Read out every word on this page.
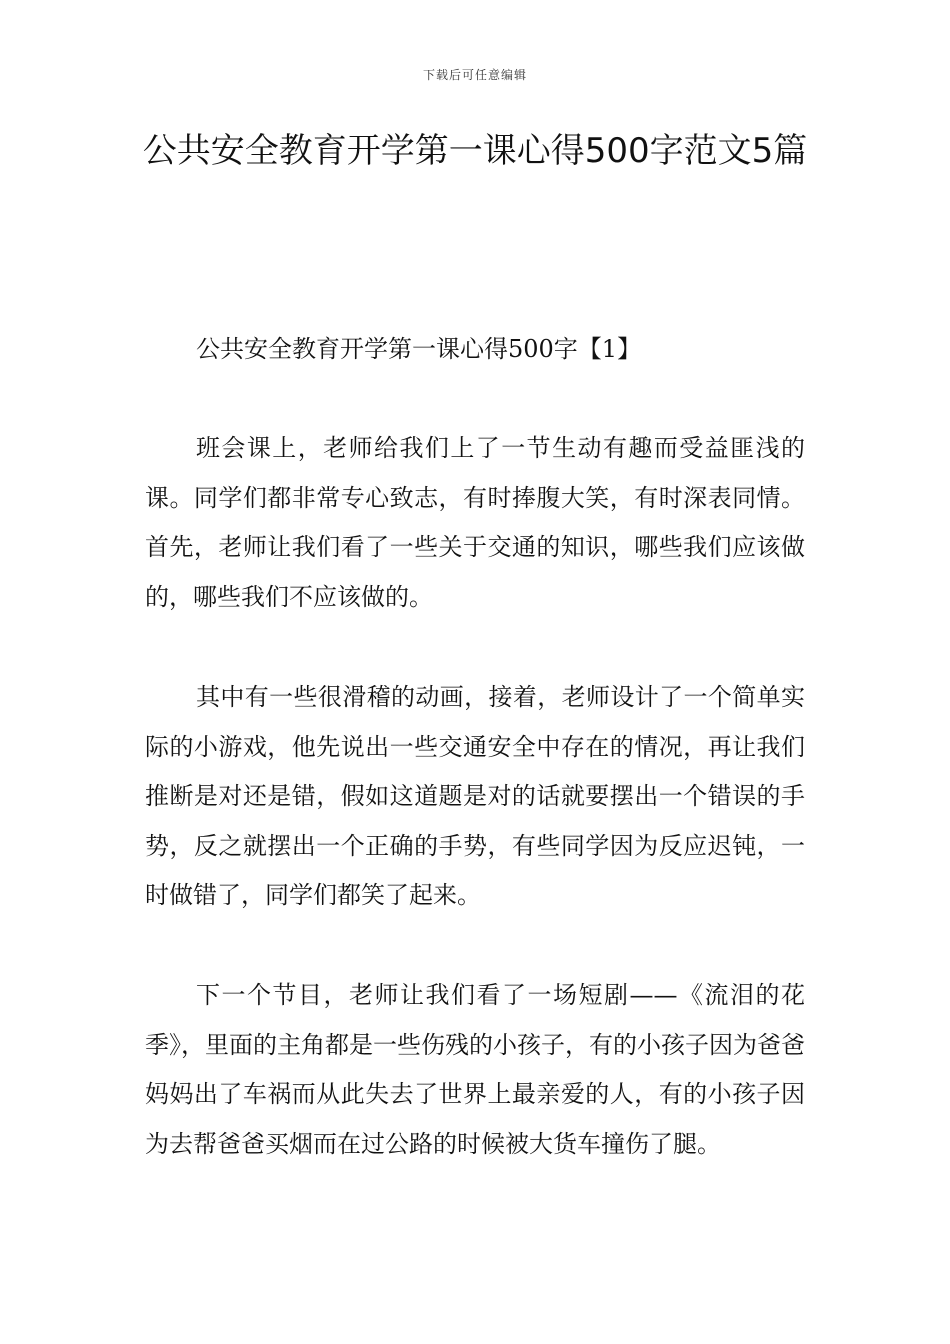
下载后可任意编辑
公共安全教育开学第一课心得500字范文5篇
公共安全教育开学第一课心得500字【1】

班会课上，老师给我们上了一节生动有趣而受益匪浅的课。同学们都非常专心致志，有时捧腹大笑，有时深表同情。首先，老师让我们看了一些关于交通的知识，哪些我们应该做的，哪些我们不应该做的。

其中有一些很滑稽的动画，接着，老师设计了一个简单实际的小游戏，他先说出一些交通安全中存在的情况，再让我们推断是对还是错，假如这道题是对的话就要摆出一个错误的手势，反之就摆出一个正确的手势，有些同学因为反应迟钝，一时做错了，同学们都笑了起来。

下一个节目，老师让我们看了一场短剧——《流泪的花季》，里面的主角都是一些伤残的小孩子，有的小孩子因为爸爸妈妈出了车祸而从此失去了世界上最亲爱的人，有的小孩子因为去帮爸爸买烟而在过公路的时候被大货车撞伤了腿。
